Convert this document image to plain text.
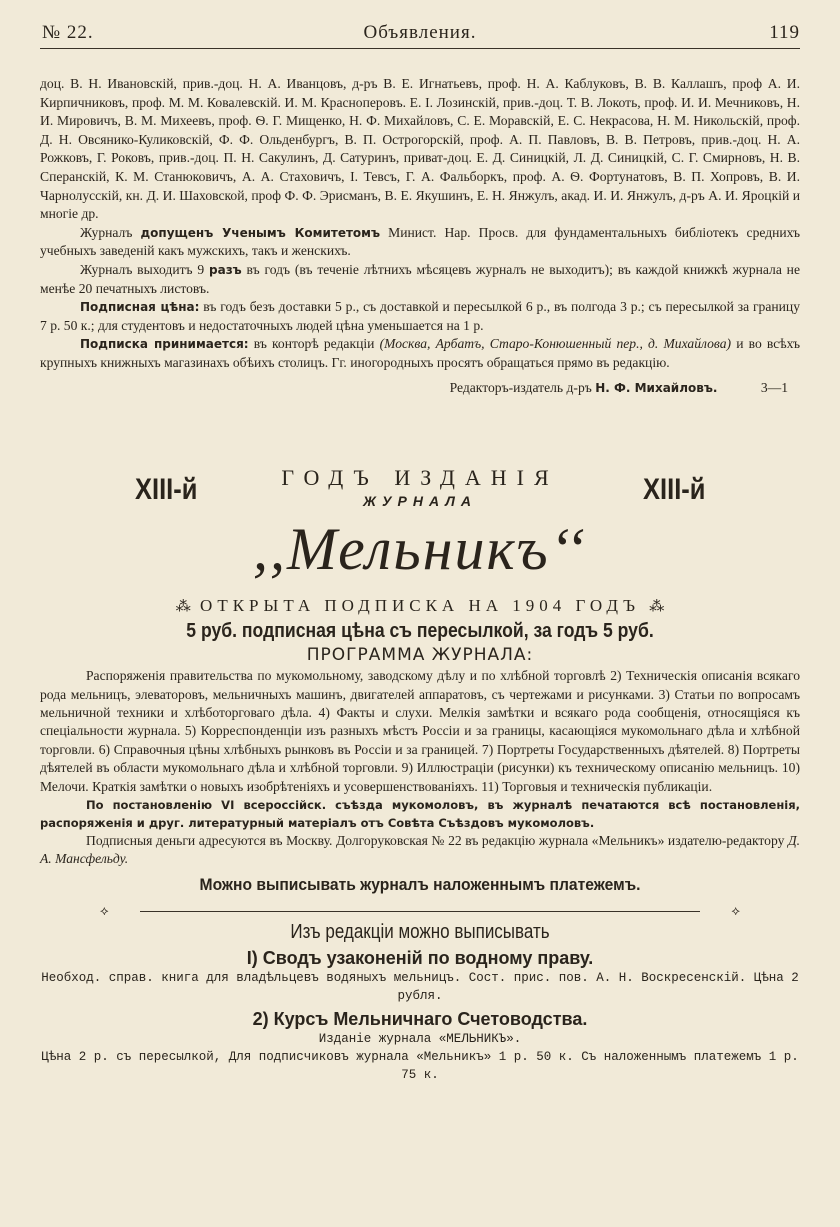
№ 22.	Объявления.	119

доц. В. Н. Ивановскій, прив.-доц. Н. А. Иванцовъ, д-ръ В. Е. Игнатьевъ, проф. Н. А. Каблуковъ, В. В. Каллашъ, проф А. И. Кирпичниковъ, проф. М. М. Ковалевскій. И. М. Красноперовъ. Е. І. Лозинскій, прив.-доц. Т. В. Локоть, проф. И. И. Мечниковъ, Н. И. Мировичъ, В. М. Михеевъ, проф. Ѳ. Г. Мищенко, Н. Ф. Михайловъ, С. Е. Моравскій, Е. С. Некрасова, Н. М. Никольскій, проф. Д. Н. Овсянико-Куликовскій, Ф. Ф. Ольденбургъ, В. П. Острогорскій, проф. А. П. Павловъ, В. В. Петровъ, прив.-доц. Н. А. Рожковъ, Г. Роковъ, прив.-доц. П. Н. Сакулинъ, Д. Сатуринъ, приват-доц. Е. Д. Синицкій, Л. Д. Синицкій, С. Г. Смирновъ, Н. В. Сперанскій, К. М. Станюковичъ, А. А. Стаховичъ, І. Тевсъ, Г. А. Фальборкъ, проф. А. Ѳ. Фортунатовъ, В. П. Хопровъ, В. И. Чарнолусскій, кн. Д. И. Шаховской, проф Ф. Ф. Эрисманъ, В. Е. Якушинъ, Е. Н. Янжулъ, акад. И. И. Янжулъ, д-ръ А. И. Яроцкій и многіе др.

Журналъ допущенъ Ученымъ Комитетомъ Минист. Нар. Просв. для фундаментальныхъ библіотекъ среднихъ учебныхъ заведеній какъ мужскихъ, такъ и женскихъ.

Журналъ выходитъ 9 разъ въ годъ (въ теченіе лѣтнихъ мѣсяцевъ журналъ не выходитъ); въ каждой книжкѣ журнала не менѣе 20 печатныхъ листовъ.

Подписная цѣна: въ годъ безъ доставки 5 р., съ доставкой и пересылкой 6 р., въ полгода 3 р.; съ пересылкой за границу 7 р. 50 к.; для студентовъ и недостаточныхъ людей цѣна уменьшается на 1 р.

Подписка принимается: въ конторѣ редакціи (Москва, Арбатъ, Старо-Конюшенный пер., д. Михайлова) и во всѣхъ крупныхъ книжныхъ магазинахъ обѣихъ столицъ. Гг. иногородныхъ просятъ обращаться прямо въ редакцію.

Редакторъ-издатель д-ръ Н. Ф. Михайловъ.	3—1
XIII-й	ГОДЪ ИЗДАНІЯ
ЖУРНАЛА	XIII-й
,,Мельникъ‘‘
⁂ ОТКРЫТА ПОДПИСКА НА 1904 ГОДЪ ⁂
5 руб. подписная цѣна съ пересылкой, за годъ 5 руб.
ПРОГРАММА ЖУРНАЛА:

Распоряженія правительства по мукомольному, заводскому дѣлу и по хлѣбной торговлѣ 2) Техническія описанія всякаго рода мельницъ, элеваторовъ, мельничныхъ машинъ, двигателей аппаратовъ, съ чертежами и рисунками. 3) Статьи по вопросамъ мельничной техники и хлѣботорговаго дѣла. 4) Факты и слухи. Мелкія замѣтки и всякаго рода сообщенія, относящіяся къ спеціальности журнала. 5) Корреспонденціи изъ разныхъ мѣстъ Россіи и за границы, касающіяся мукомольнаго дѣла и хлѣбной торговли. 6) Справочныя цѣны хлѣбныхъ рынковъ въ Россіи и за границей. 7) Портреты Государственныхъ дѣятелей. 8) Портреты дѣятелей въ области мукомольнаго дѣла и хлѣбной торговли. 9) Иллюстраціи (рисунки) къ техническому описанію мельницъ. 10) Мелочи. Краткія замѣтки о новыхъ изобрѣтеніяхъ и усовершенствованіяхъ. 11) Торговыя и техническія публикаціи.

По постановленію VI всероссійск. съѣзда мукомоловъ, въ журналѣ печатаются всѣ постановленія, распоряженія и друг. литературный матеріалъ отъ Совѣта Съѣздовъ мукомоловъ.

Подписныя деньги адресуются въ Москву. Долгоруковская № 22 въ редакцію журнала «Мельникъ» издателю-редактору Д. А. Мансфельду.

Можно выписывать журналъ наложеннымъ платежемъ.
⟡	⟡
Изъ редакціи можно выписывать
I) Сводъ узаконеній по водному праву.
Необход. справ. книга для владѣльцевъ водяныхъ мельницъ. Сост. прис. пов. А. Н. Воскресенскій. Цѣна 2 рубля.
2) Курсъ Мельничнаго Счетоводства.
Изданіе журнала «МЕЛЬНИКЪ».
Цѣна 2 р. съ пересылкой, Для подписчиковъ журнала «Мельникъ» 1 р. 50 к. Съ наложеннымъ платежемъ 1 р. 75 к.
